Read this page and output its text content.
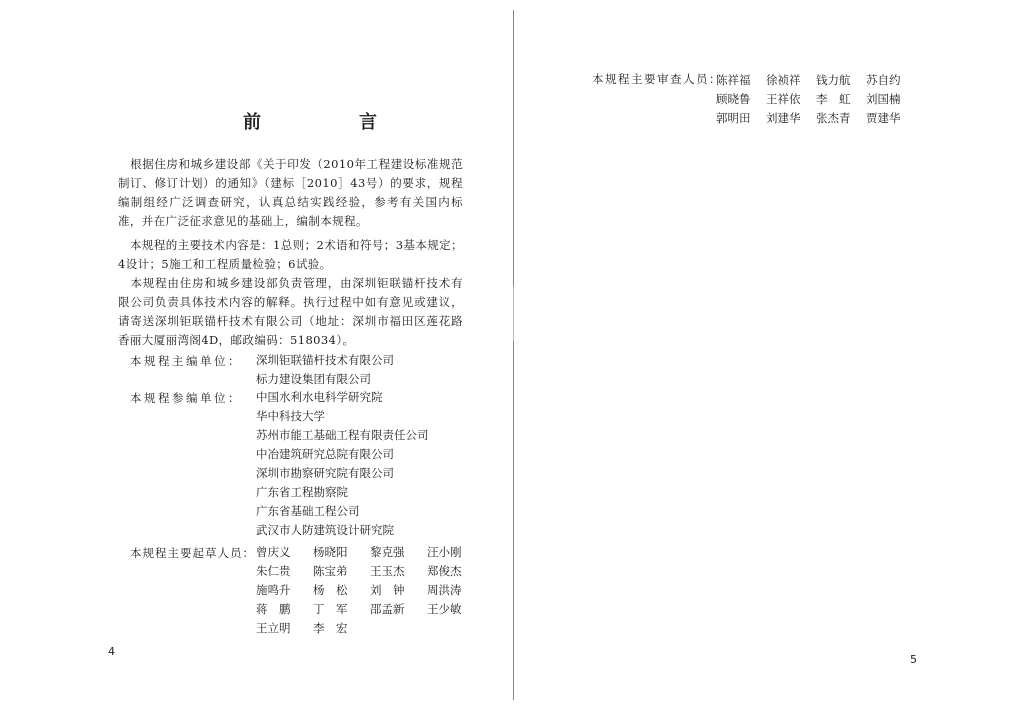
前　言
根据住房和城乡建设部《关于印发（2010年工程建设标准规范制订、修订计划）的通知》（建标［2010］43号）的要求，规程编制组经广泛调查研究，认真总结实践经验，参考有关国内标准，并在广泛征求意见的基础上，编制本规程。
本规程的主要技术内容是：1总则；2术语和符号；3基本规定；4设计；5施工和工程质量检验；6试验。
本规程由住房和城乡建设部负责管理，由深圳钜联锚杆技术有限公司负责具体技术内容的解释。执行过程中如有意见或建议，请寄送深圳钜联锚杆技术有限公司（地址：深圳市福田区莲花路香丽大厦丽湾阁4D，邮政编码：518034）。
本规程主编单位： 深圳钜联锚杆技术有限公司
标力建设集团有限公司
本规程参编单位： 中国水利水电科学研究院
华中科技大学
苏州市能工基础工程有限责任公司
中冶建筑研究总院有限公司
深圳市勘察研究院有限公司
广东省工程勘察院
广东省基础工程公司
武汉市人防建筑设计研究院
本规程主要起草人员： 曾庆义	杨晓阳	黎克强	汪小刚
朱仁贵	陈宝弟	王玉杰	郑俊杰
施鸣升	杨　松	刘　钟	周洪涛
蒋　鹏	丁　军	邵孟新	王少敏
王立明	李　宏
4
本规程主要审查人员：
陈祥福	徐祯祥	钱力航	苏自约
顾晓鲁	王祥依	李　虹	刘国楠
郭明田	刘建华	张杰青	贾建华
5
